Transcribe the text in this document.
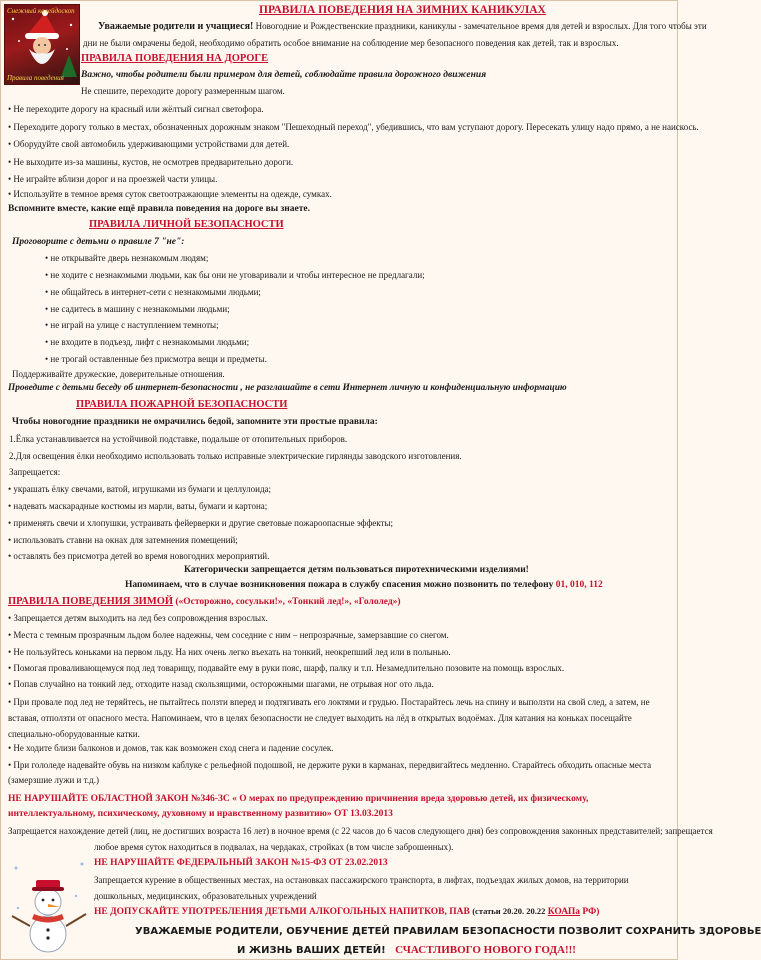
Снежный калейдоскоп
Правила поведения
ПРАВИЛА ПОВЕДЕНИЯ НА ЗИМНИХ КАНИКУЛАХ
Уважаемые родители и учащиеся! Новогодние и Рождественские праздники, каникулы - замечательное время для детей и взрослых. Для того чтобы эти
дни не были омрачены бедой, необходимо обратить особое внимание на соблюдение мер безопасного поведения как детей, так и взрослых.
ПРАВИЛА ПОВЕДЕНИЯ НА ДОРОГЕ
Важно, чтобы родители были примером для детей, соблюдайте правила дорожного движения
Не спешите, переходите дорогу размеренным шагом.
• Не переходите дорогу на красный или жёлтый сигнал светофора.
• Переходите дорогу только в местах, обозначенных дорожным знаком "Пешеходный переход", убедившись, что вам уступают дорогу. Пересекать улицу надо прямо, а не наискось.
• Оборудуйте свой автомобиль удерживающими устройствами для детей.
• Не выходите из-за машины, кустов, не осмотрев предварительно дороги.
• Не играйте вблизи дорог и на проезжей части улицы.
• Используйте в темное время суток светоотражающие элементы на одежде, сумках.
Вспомните вместе, какие ещё правила поведения на дороге вы знаете.
ПРАВИЛА ЛИЧНОЙ БЕЗОПАСНОСТИ
Проговорите с детьми о правиле 7 "не":
• не открывайте дверь незнакомым людям;
• не ходите с незнакомыми людьми, как бы они не уговаривали и чтобы интересное не предлагали;
• не общайтесь в интернет-сети с незнакомыми людьми;
• не садитесь в машину с незнакомыми людьми;
• не играй на улице с наступлением темноты;
• не входите в подъезд, лифт с незнакомыми людьми;
• не трогай оставленные без присмотра вещи и предметы.
Поддерживайте дружеские, доверительные отношения.
Проведите с детьми беседу об интернет-безопасности , не разглашайте в сети Интернет личную и конфиденциальную информацию
ПРАВИЛА ПОЖАРНОЙ БЕЗОПАСНОСТИ
Чтобы новогодние праздники не омрачились бедой, запомните эти простые правила:
1.Ёлка устанавливается на устойчивой подставке, подальше от отопительных приборов.
2.Для освещения ёлки необходимо использовать только исправные электрические гирлянды заводского изготовления.
Запрещается:
• украшать ёлку свечами, ватой, игрушками из бумаги и целлулоида;
• надевать маскарадные костюмы из марли, ваты, бумаги и картона;
• применять свечи и хлопушки, устраивать фейерверки и другие световые пожароопасные эффекты;
• использовать ставни на окнах для затемнения помещений;
• оставлять без присмотра детей во время новогодних мероприятий.
Категорически запрещается детям пользоваться пиротехническими изделиями!
Напоминаем, что в случае возникновения пожара в службу спасения можно позвонить по телефону 01, 010, 112
ПРАВИЛА ПОВЕДЕНИЯ ЗИМОЙ («Осторожно, сосульки!», «Тонкий лед!», «Гололед»)
• Запрещается детям выходить на лед без сопровождения взрослых.
• Места с темным прозрачным льдом более надежны, чем соседние с ним – непрозрачные, замерзавшие со снегом.
• Не пользуйтесь коньками на первом льду. На них очень легко въехать на тонкий, неокрепший лед или в полынью.
• Помогая проваливающемуся под лед товарищу, подавайте ему в руки пояс, шарф, палку и т.п. Незамедлительно позовите на помощь взрослых.
• Попав случайно на тонкий лед, отходите назад скользящими, осторожными шагами, не отрывая ног ото льда.
• При провале под лед не теряйтесь, не пытайтесь ползти вперед и подтягивать его локтями и грудью. Постарайтесь лечь на спину и выползти на свой след, а затем, не вставая, отползти от опасного места. Напоминаем, что в целях безопасности не следует выходить на лёд в открытых водоёмах. Для катания на коньках посещайте специально-оборудованные катки.
• Не ходите близи балконов и домов, так как возможен сход снега и падение сосулек.
• При гололеде надевайте обувь на низком каблуке с рельефной подошвой, не держите руки в карманах, передвигайтесь медленно. Старайтесь обходить опасные места (замерзшие лужи и т.д.)
НЕ НАРУШАЙТЕ ОБЛАСТНОЙ ЗАКОН №346-ЗС « О мерах по предупреждению причинения вреда здоровью детей, их физическому, интеллектуальному, психическому, духовному и нравственному развитию» ОТ 13.03.2013
Запрещается нахождение детей (лиц, не достигших возраста 16 лет) в ночное время (с 22 часов до 6 часов следующего дня) без сопровождения законных представителей; запрещается
любое время суток находиться в подвалах, на чердаках, стройках (в том числе заброшенных).
НЕ НАРУШАЙТЕ ФЕДЕРАЛЬНЫЙ ЗАКОН №15-ФЗ ОТ 23.02.2013
Запрещается курение в общественных местах, на остановках пассажирского транспорта, в лифтах, подъездах жилых домов, на территории дошкольных, медицинских, образовательных учреждений
НЕ ДОПУСКАЙТЕ УПОТРЕБЛЕНИЯ ДЕТЬМИ АЛКОГОЛЬНЫХ НАПИТКОВ, ПАВ (статьи 20.20. 20.22 КОАПа РФ)
УВАЖАЕМЫЕ РОДИТЕЛИ, ОБУЧЕНИЕ ДЕТЕЙ ПРАВИЛАМ БЕЗОПАСНОСТИ ПОЗВОЛИТ СОХРАНИТЬ ЗДОРОВЬЕ
И ЖИЗНЬ ВАШИХ ДЕТЕЙ! СЧАСТЛИВОГО НОВОГО ГОДА!!!
